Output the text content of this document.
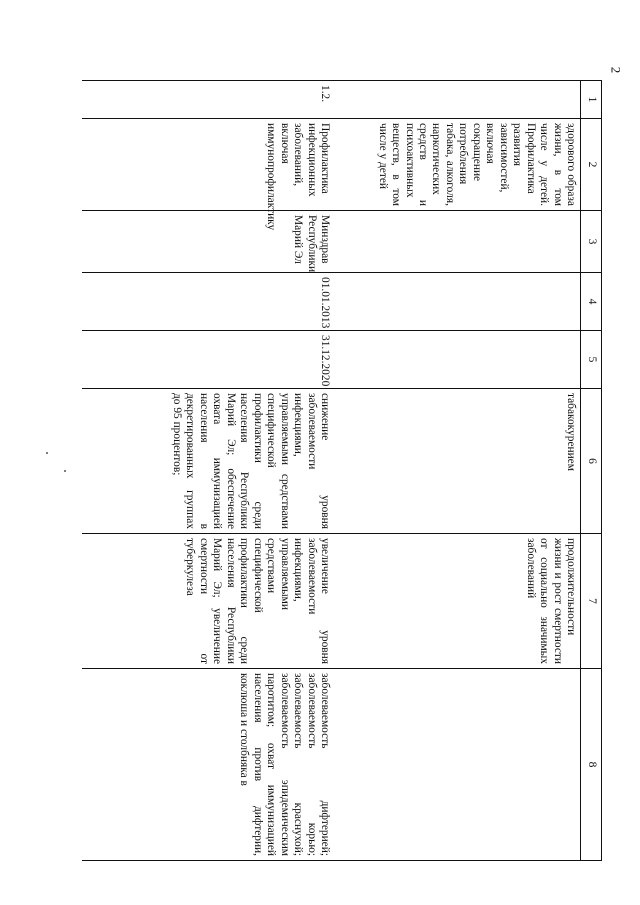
2
1	2	3	4	5	6	7	8
	здорового образа жизни, в том числе у детей. Профилактика развития зависимостей, включая сокращение потребления табака, алкоголя, наркотических средств и психоактивных веществ, в том числе у детей				табакокурением	продолжительности жизни и рост смертности от социально значимых заболеваний	
1.2.	Профилактика инфекционных заболеваний, включая иммунопрофилактику	Минздрав Республики Марий Эл	01.01.2013	31.12.2020	снижение уровня заболеваемости инфекциями, управляемыми средствами специфической профилактики среди населения Республики Марий Эл; обеспечение охвата иммунизацией населения в декретированных группах до 95 процентов;	увеличение уровня заболеваемости инфекциями, управляемыми средствами специфической профилактики среди населения Республики Марий Эл; увеличение смертности от туберкулеза	заболеваемость дифтерией; заболеваемость корью; заболеваемость краснухой; заболеваемость эпидемическим паротитом; охват иммунизацией населения против дифтерии, коклюша и столбняка в
